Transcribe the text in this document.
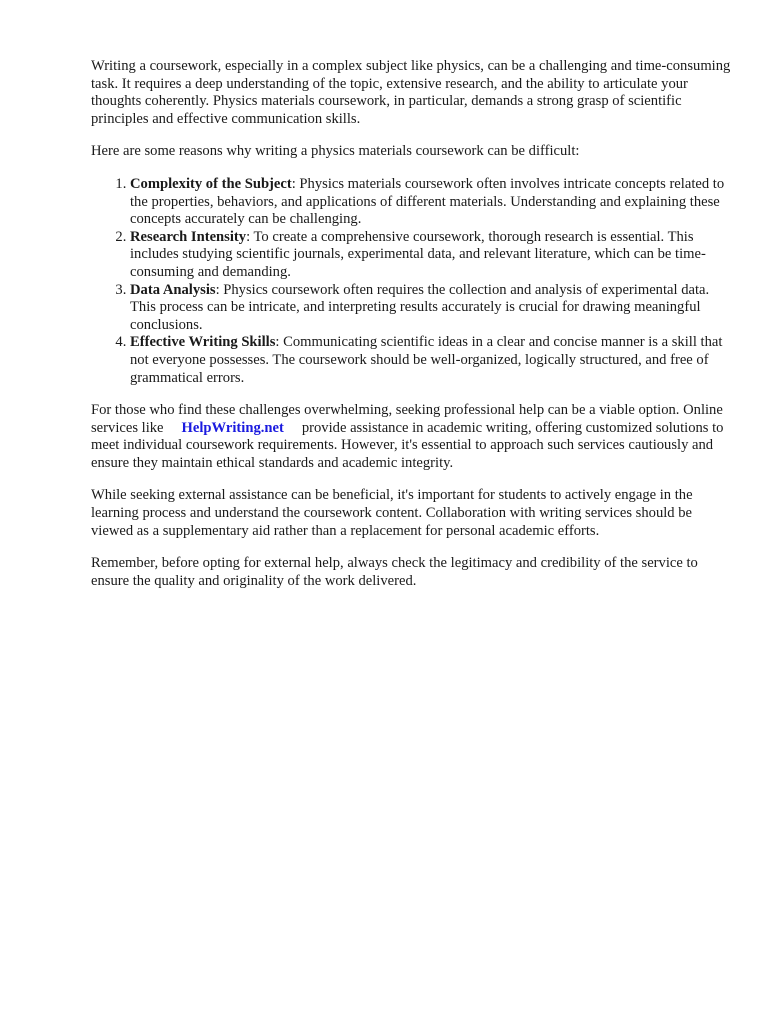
Writing a coursework, especially in a complex subject like physics, can be a challenging and time-consuming task. It requires a deep understanding of the topic, extensive research, and the ability to articulate your thoughts coherently. Physics materials coursework, in particular, demands a strong grasp of scientific principles and effective communication skills.

Here are some reasons why writing a physics materials coursework can be difficult:

1. Complexity of the Subject: Physics materials coursework often involves intricate concepts related to the properties, behaviors, and applications of different materials. Understanding and explaining these concepts accurately can be challenging.
2. Research Intensity: To create a comprehensive coursework, thorough research is essential. This includes studying scientific journals, experimental data, and relevant literature, which can be time-consuming and demanding.
3. Data Analysis: Physics coursework often requires the collection and analysis of experimental data. This process can be intricate, and interpreting results accurately is crucial for drawing meaningful conclusions.
4. Effective Writing Skills: Communicating scientific ideas in a clear and concise manner is a skill that not everyone possesses. The coursework should be well-organized, logically structured, and free of grammatical errors.

For those who find these challenges overwhelming, seeking professional help can be a viable option. Online services like HelpWriting.net provide assistance in academic writing, offering customized solutions to meet individual coursework requirements. However, it's essential to approach such services cautiously and ensure they maintain ethical standards and academic integrity.

While seeking external assistance can be beneficial, it's important for students to actively engage in the learning process and understand the coursework content. Collaboration with writing services should be viewed as a supplementary aid rather than a replacement for personal academic efforts.

Remember, before opting for external help, always check the legitimacy and credibility of the service to ensure the quality and originality of the work delivered.
